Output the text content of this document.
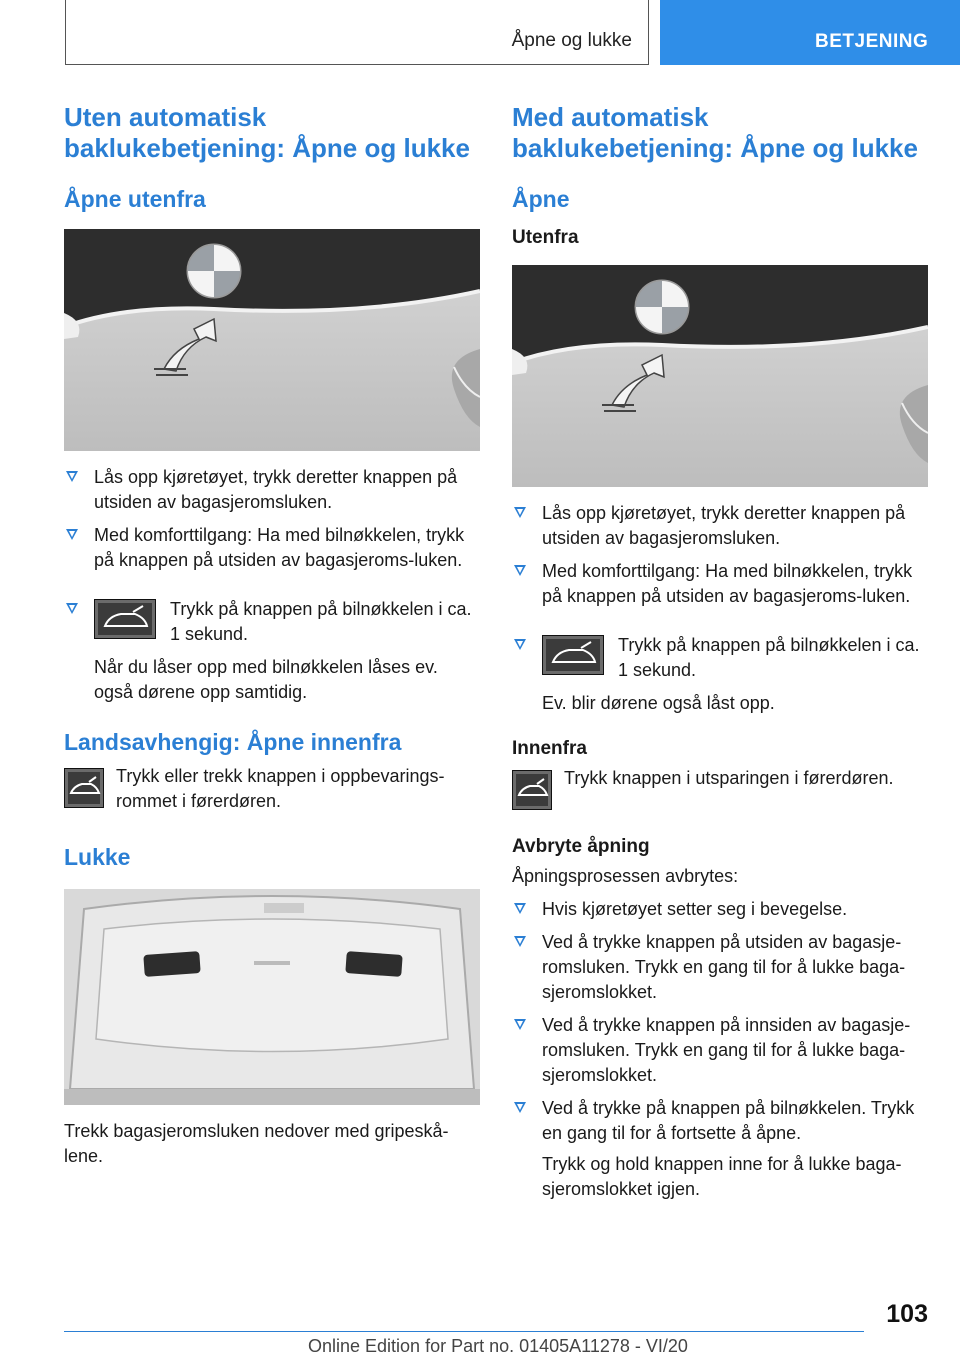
Åpne og lukke	BETJENING
Uten automatisk baklukebetjening: Åpne og lukke
Åpne utenfra
Lås opp kjøretøyet, trykk deretter knappen på utsiden av bagasjeromsluken.
Med komforttilgang: Ha med bilnøkkelen, trykk på knappen på utsiden av bagasjeroms-luken.

Trykk på knappen på bilnøkkelen i ca. 1 sekund.

Når du låser opp med bilnøkkelen låses ev. også dørene opp samtidig.

Landsavhengig: Åpne innenfra

Trykk eller trekk knappen i oppbevarings-rommet i førerdøren.

Lukke

Trekk bagasjeromsluken nedover med gripeskå-lene.

Med automatisk baklukebetjening: Åpne og lukke
Åpne
Utenfra
Lås opp kjøretøyet, trykk deretter knappen på utsiden av bagasjeromsluken.
Med komforttilgang: Ha med bilnøkkelen, trykk på knappen på utsiden av bagasjeroms-luken.

Trykk på knappen på bilnøkkelen i ca. 1 sekund.

Ev. blir dørene også låst opp.

Innenfra

Trykk knappen i utsparingen i førerdøren.

Avbryte åpning

Åpningsprosessen avbrytes:

Hvis kjøretøyet setter seg i bevegelse.
Ved å trykke knappen på utsiden av bagasje-romsluken. Trykk en gang til for å lukke baga-sjeromslokket.
Ved å trykke knappen på innsiden av bagasje-romsluken. Trykk en gang til for å lukke baga-sjeromslokket.
Ved å trykke på knappen på bilnøkkelen. Trykk en gang til for å fortsette å åpne.

Trykk og hold knappen inne for å lukke baga-sjeromslokket igjen.

103
Online Edition for Part no. 01405A11278 - VI/20
